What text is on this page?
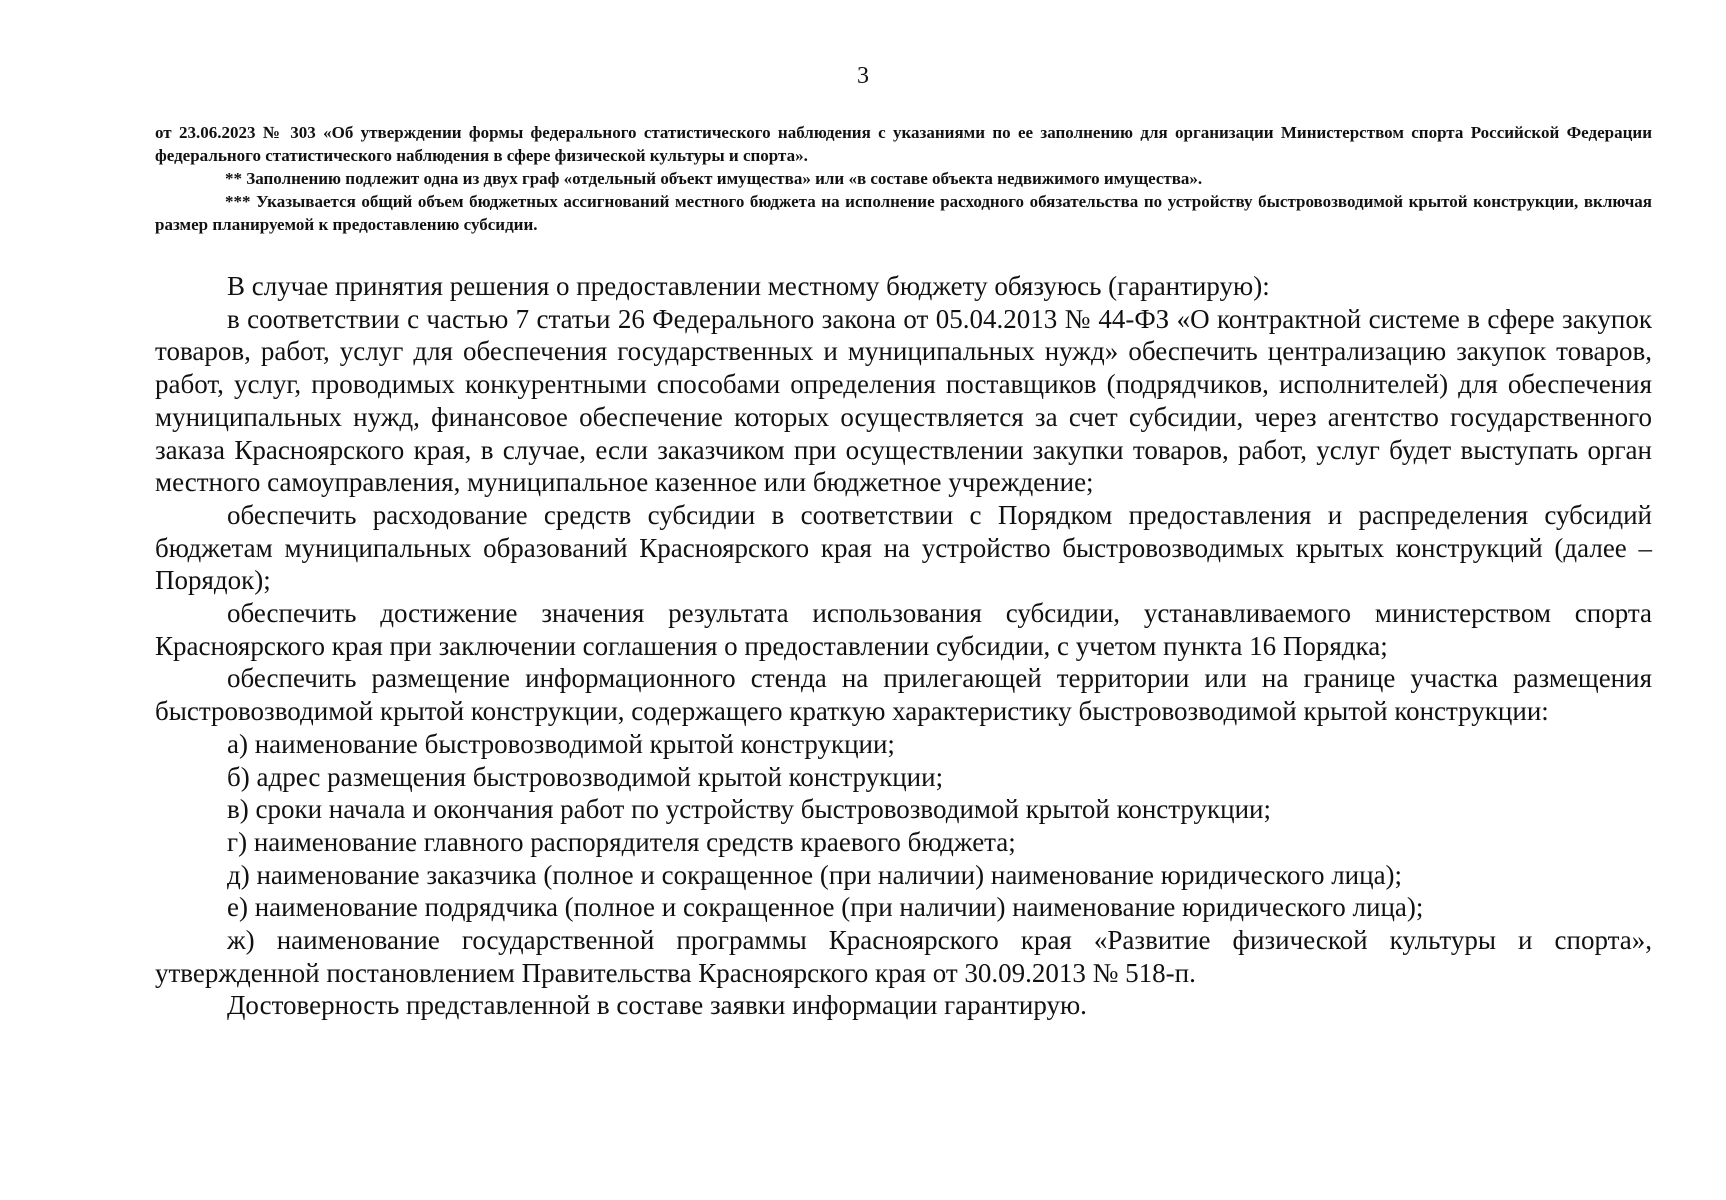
3

от 23.06.2023 № 303 «Об утверждении формы федерального статистического наблюдения с указаниями по ее заполнению для организации Министерством спорта Российской Федерации федерального статистического наблюдения в сфере физической культуры и спорта».

** Заполнению подлежит одна из двух граф «отдельный объект имущества» или «в составе объекта недвижимого имущества».

*** Указывается общий объем бюджетных ассигнований местного бюджета на исполнение расходного обязательства по устройству быстровозводимой крытой конструкции, включая размер планируемой к предоставлению субсидии.

В случае принятия решения о предоставлении местному бюджету обязуюсь (гарантирую):

в соответствии с частью 7 статьи 26 Федерального закона от 05.04.2013 № 44-ФЗ «О контрактной системе в сфере закупок товаров, работ, услуг для обеспечения государственных и муниципальных нужд» обеспечить централизацию закупок товаров, работ, услуг, проводимых конкурентными способами определения поставщиков (подрядчиков, исполнителей) для обеспечения муниципальных нужд, финансовое обеспечение которых осуществляется за счет субсидии, через агентство государственного заказа Красноярского края, в случае, если заказчиком при осуществлении закупки товаров, работ, услуг будет выступать орган местного самоуправления, муниципальное казенное или бюджетное учреждение;

обеспечить расходование средств субсидии в соответствии с Порядком предоставления и распределения субсидий бюджетам муниципальных образований Красноярского края на устройство быстровозводимых крытых конструкций (далее – Порядок);

обеспечить достижение значения результата использования субсидии, устанавливаемого министерством спорта Красноярского края при заключении соглашения о предоставлении субсидии, с учетом пункта 16 Порядка;

обеспечить размещение информационного стенда на прилегающей территории или на границе участка размещения быстровозводимой крытой конструкции, содержащего краткую характеристику быстровозводимой крытой конструкции:

а) наименование быстровозводимой крытой конструкции;

б) адрес размещения быстровозводимой крытой конструкции;

в) сроки начала и окончания работ по устройству быстровозводимой крытой конструкции;

г) наименование главного распорядителя средств краевого бюджета;

д) наименование заказчика (полное и сокращенное (при наличии) наименование юридического лица);

е) наименование подрядчика (полное и сокращенное (при наличии) наименование юридического лица);

ж) наименование государственной программы Красноярского края «Развитие физической культуры и спорта», утвержденной постановлением Правительства Красноярского края от 30.09.2013 № 518-п.

Достоверность представленной в составе заявки информации гарантирую.
